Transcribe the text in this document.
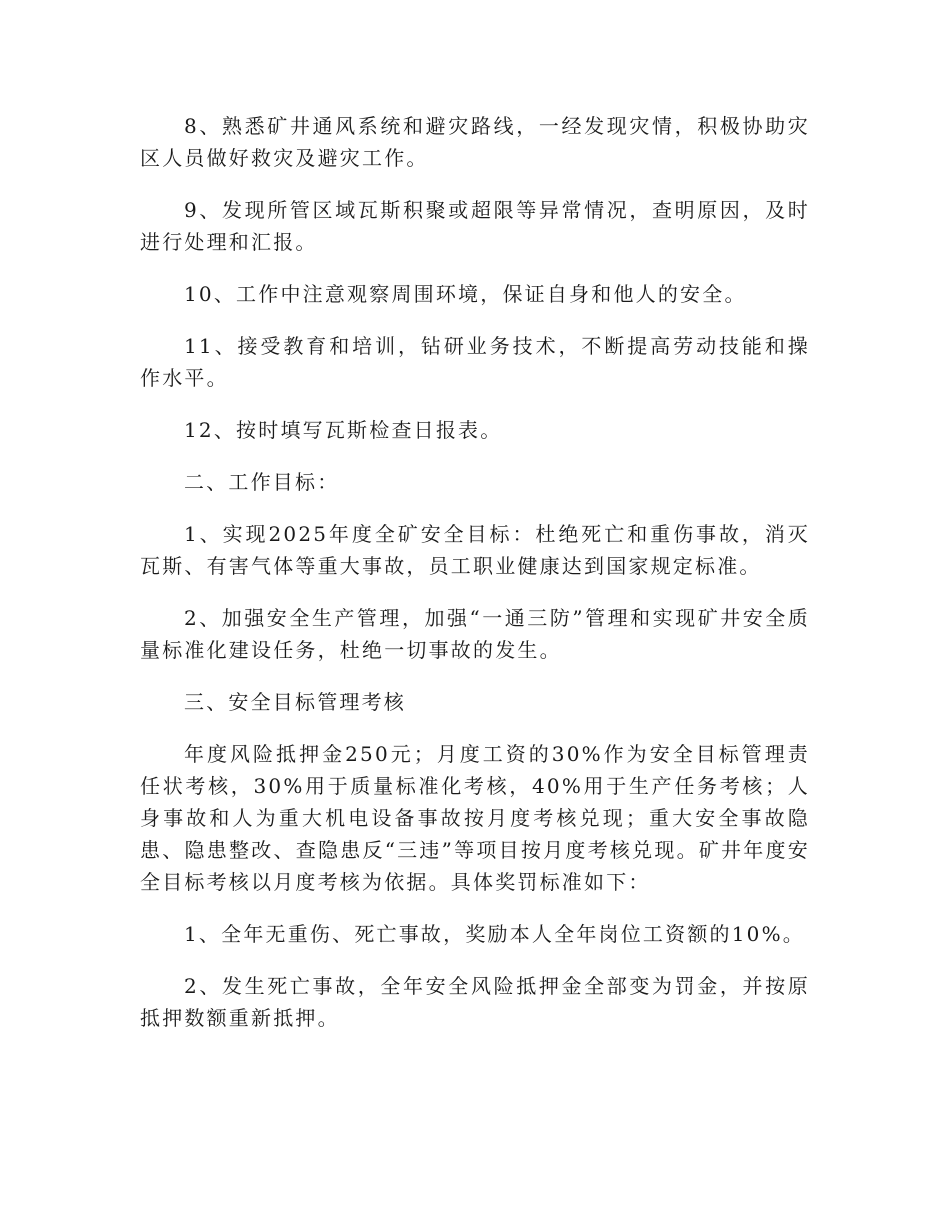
8、熟悉矿井通风系统和避灾路线，一经发现灾情，积极协助灾区人员做好救灾及避灾工作。

9、发现所管区域瓦斯积聚或超限等异常情况，查明原因，及时进行处理和汇报。

10、工作中注意观察周围环境，保证自身和他人的安全。

11、接受教育和培训，钻研业务技术，不断提高劳动技能和操作水平。

12、按时填写瓦斯检查日报表。

二、工作目标：

1、实现2025年度全矿安全目标：杜绝死亡和重伤事故，消灭瓦斯、有害气体等重大事故，员工职业健康达到国家规定标准。

2、加强安全生产管理，加强“一通三防”管理和实现矿井安全质量标准化建设任务，杜绝一切事故的发生。

三、安全目标管理考核

年度风险抵押金250元；月度工资的30%作为安全目标管理责任状考核，30%用于质量标准化考核，40%用于生产任务考核；人身事故和人为重大机电设备事故按月度考核兑现；重大安全事故隐患、隐患整改、查隐患反“三违”等项目按月度考核兑现。矿井年度安全目标考核以月度考核为依据。具体奖罚标准如下：

1、全年无重伤、死亡事故，奖励本人全年岗位工资额的10%。

2、发生死亡事故，全年安全风险抵押金全部变为罚金，并按原抵押数额重新抵押。
